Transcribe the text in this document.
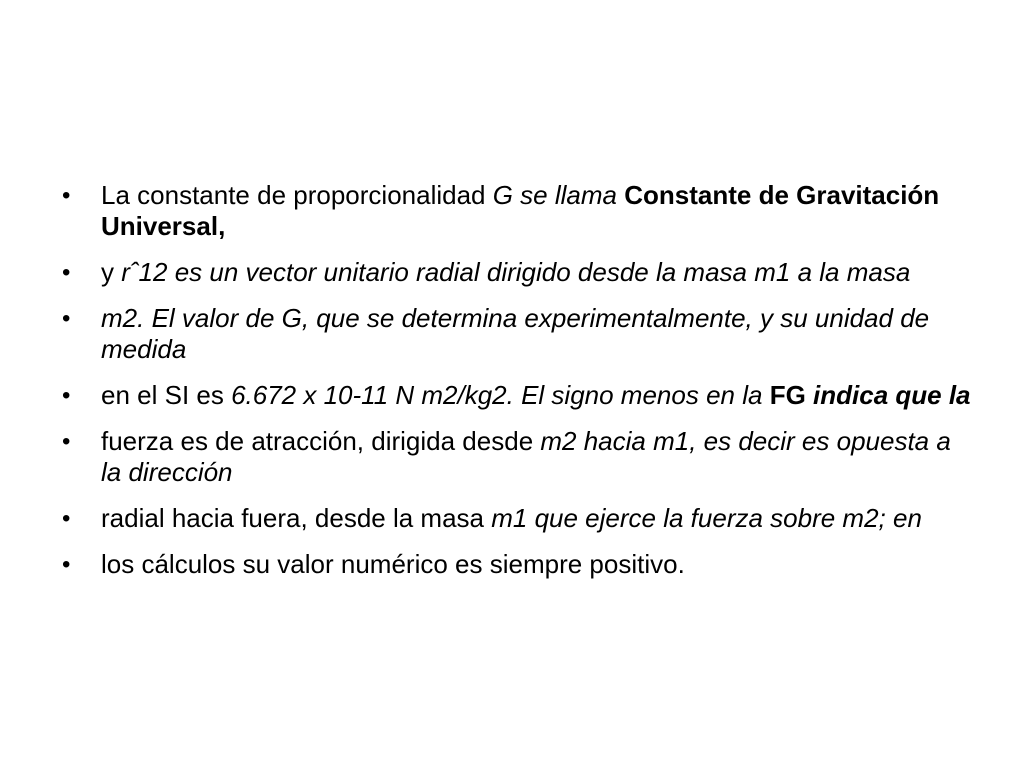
• La constante de proporcionalidad G se llama Constante de Gravitación Universal,
• y rˆ12 es un vector unitario radial dirigido desde la masa m1 a la masa
• m2. El valor de G, que se determina experimentalmente, y su unidad de medida
• en el SI es 6.672 x 10-11 N m2/kg2. El signo menos en la FG indica que la
• fuerza es de atracción, dirigida desde m2 hacia m1, es decir es opuesta a la dirección
• radial hacia fuera, desde la masa m1 que ejerce la fuerza sobre m2; en
• los cálculos su valor numérico es siempre positivo.
